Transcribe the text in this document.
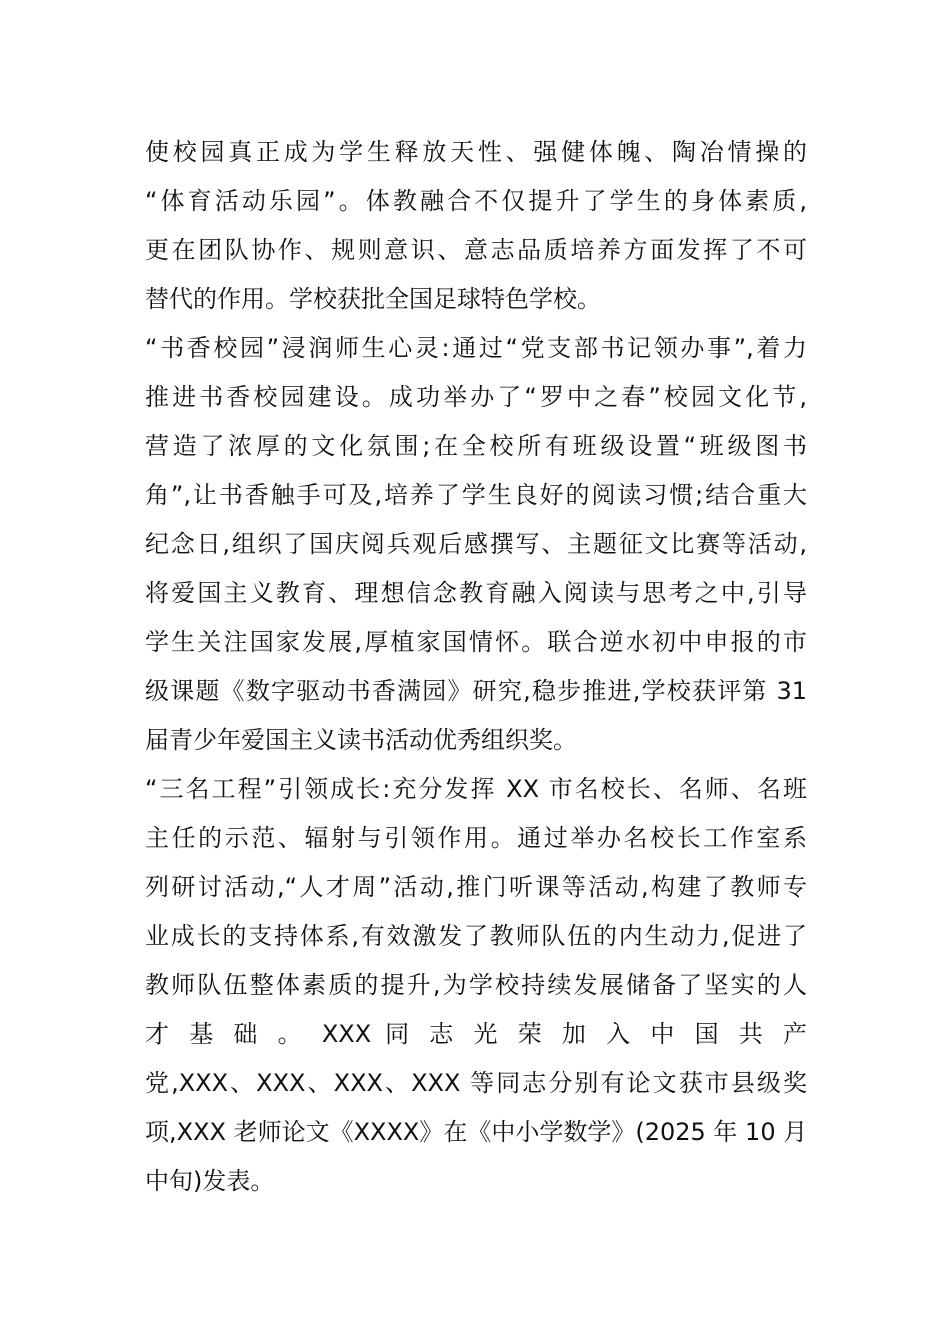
使校园真正成为学生释放天性、强健体魄、陶冶情操的
“体育活动乐园”。体教融合不仅提升了学生的身体素质,
更在团队协作、规则意识、意志品质培养方面发挥了不可
替代的作用。学校获批全国足球特色学校。
“书香校园”浸润师生心灵:通过“党支部书记领办事”,着力
推进书香校园建设。成功举办了“罗中之春”校园文化节,
营造了浓厚的文化氛围;在全校所有班级设置“班级图书
角”,让书香触手可及,培养了学生良好的阅读习惯;结合重大
纪念日,组织了国庆阅兵观后感撰写、主题征文比赛等活动,
将爱国主义教育、理想信念教育融入阅读与思考之中,引导
学生关注国家发展,厚植家国情怀。联合逆水初中申报的市
级课题《数字驱动书香满园》研究,稳步推进,学校获评第 31
届青少年爱国主义读书活动优秀组织奖。
“三名工程”引领成长:充分发挥 XX 市名校长、名师、名班
主任的示范、辐射与引领作用。通过举办名校长工作室系
列研讨活动,“人才周”活动,推门听课等活动,构建了教师专
业成长的支持体系,有效激发了教师队伍的内生动力,促进了
教师队伍整体素质的提升,为学校持续发展储备了坚实的人
才 基 础 。 XXX 同 志 光 荣 加 入 中 国 共 产
党,XXX、XXX、XXX、XXX 等同志分别有论文获市县级奖
项,XXX 老师论文《XXXX》在《中小学数学》(2025 年 10 月
中旬)发表。
